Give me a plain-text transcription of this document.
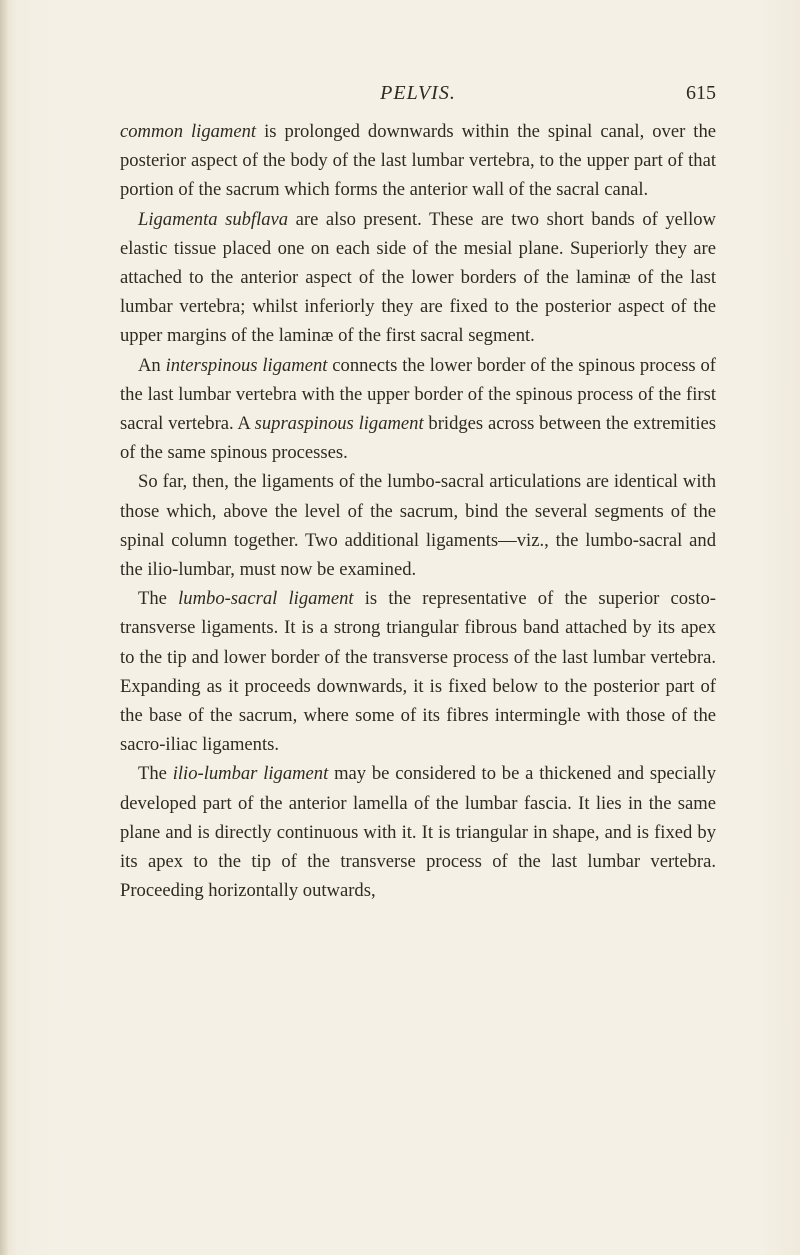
PELVIS.	615

common ligament is prolonged downwards within the spinal canal, over the posterior aspect of the body of the last lumbar vertebra, to the upper part of that portion of the sacrum which forms the anterior wall of the sacral canal.

Ligamenta subflava are also present. These are two short bands of yellow elastic tissue placed one on each side of the mesial plane. Superiorly they are attached to the anterior aspect of the lower borders of the laminæ of the last lumbar vertebra; whilst inferiorly they are fixed to the posterior aspect of the upper margins of the laminæ of the first sacral segment.

An interspinous ligament connects the lower border of the spinous process of the last lumbar vertebra with the upper border of the spinous process of the first sacral vertebra. A supraspinous ligament bridges across between the extremities of the same spinous processes.

So far, then, the ligaments of the lumbo-sacral articulations are identical with those which, above the level of the sacrum, bind the several segments of the spinal column together. Two additional ligaments—viz., the lumbo-sacral and the ilio-lumbar, must now be examined.

The lumbo-sacral ligament is the representative of the superior costo-transverse ligaments. It is a strong triangular fibrous band attached by its apex to the tip and lower border of the transverse process of the last lumbar vertebra. Expanding as it proceeds downwards, it is fixed below to the posterior part of the base of the sacrum, where some of its fibres intermingle with those of the sacro-iliac ligaments.

The ilio-lumbar ligament may be considered to be a thickened and specially developed part of the anterior lamella of the lumbar fascia. It lies in the same plane and is directly continuous with it. It is triangular in shape, and is fixed by its apex to the tip of the transverse process of the last lumbar vertebra. Proceeding horizontally outwards,
